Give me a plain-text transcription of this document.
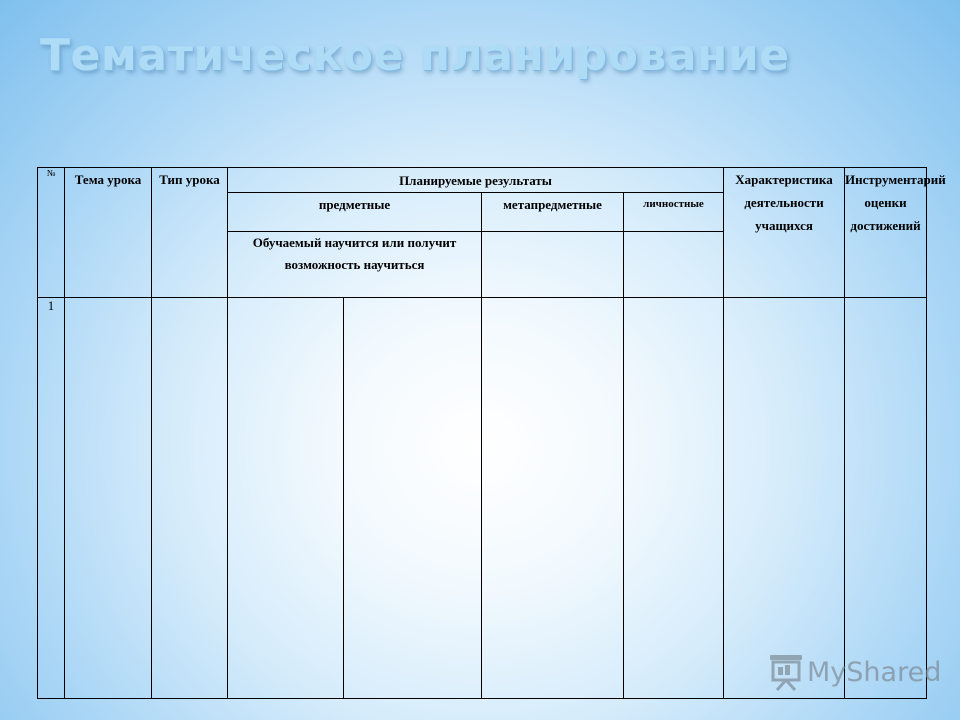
Тематическое планирование
№	Тема урока	Тип урока	Планируемые результаты				Характеристика деятельности учащихся	Инструментарий оценки достижений
			предметные		метапредметные	личностные		
			Обучаемый научится или получит возможность научиться					
1								
MyShared
